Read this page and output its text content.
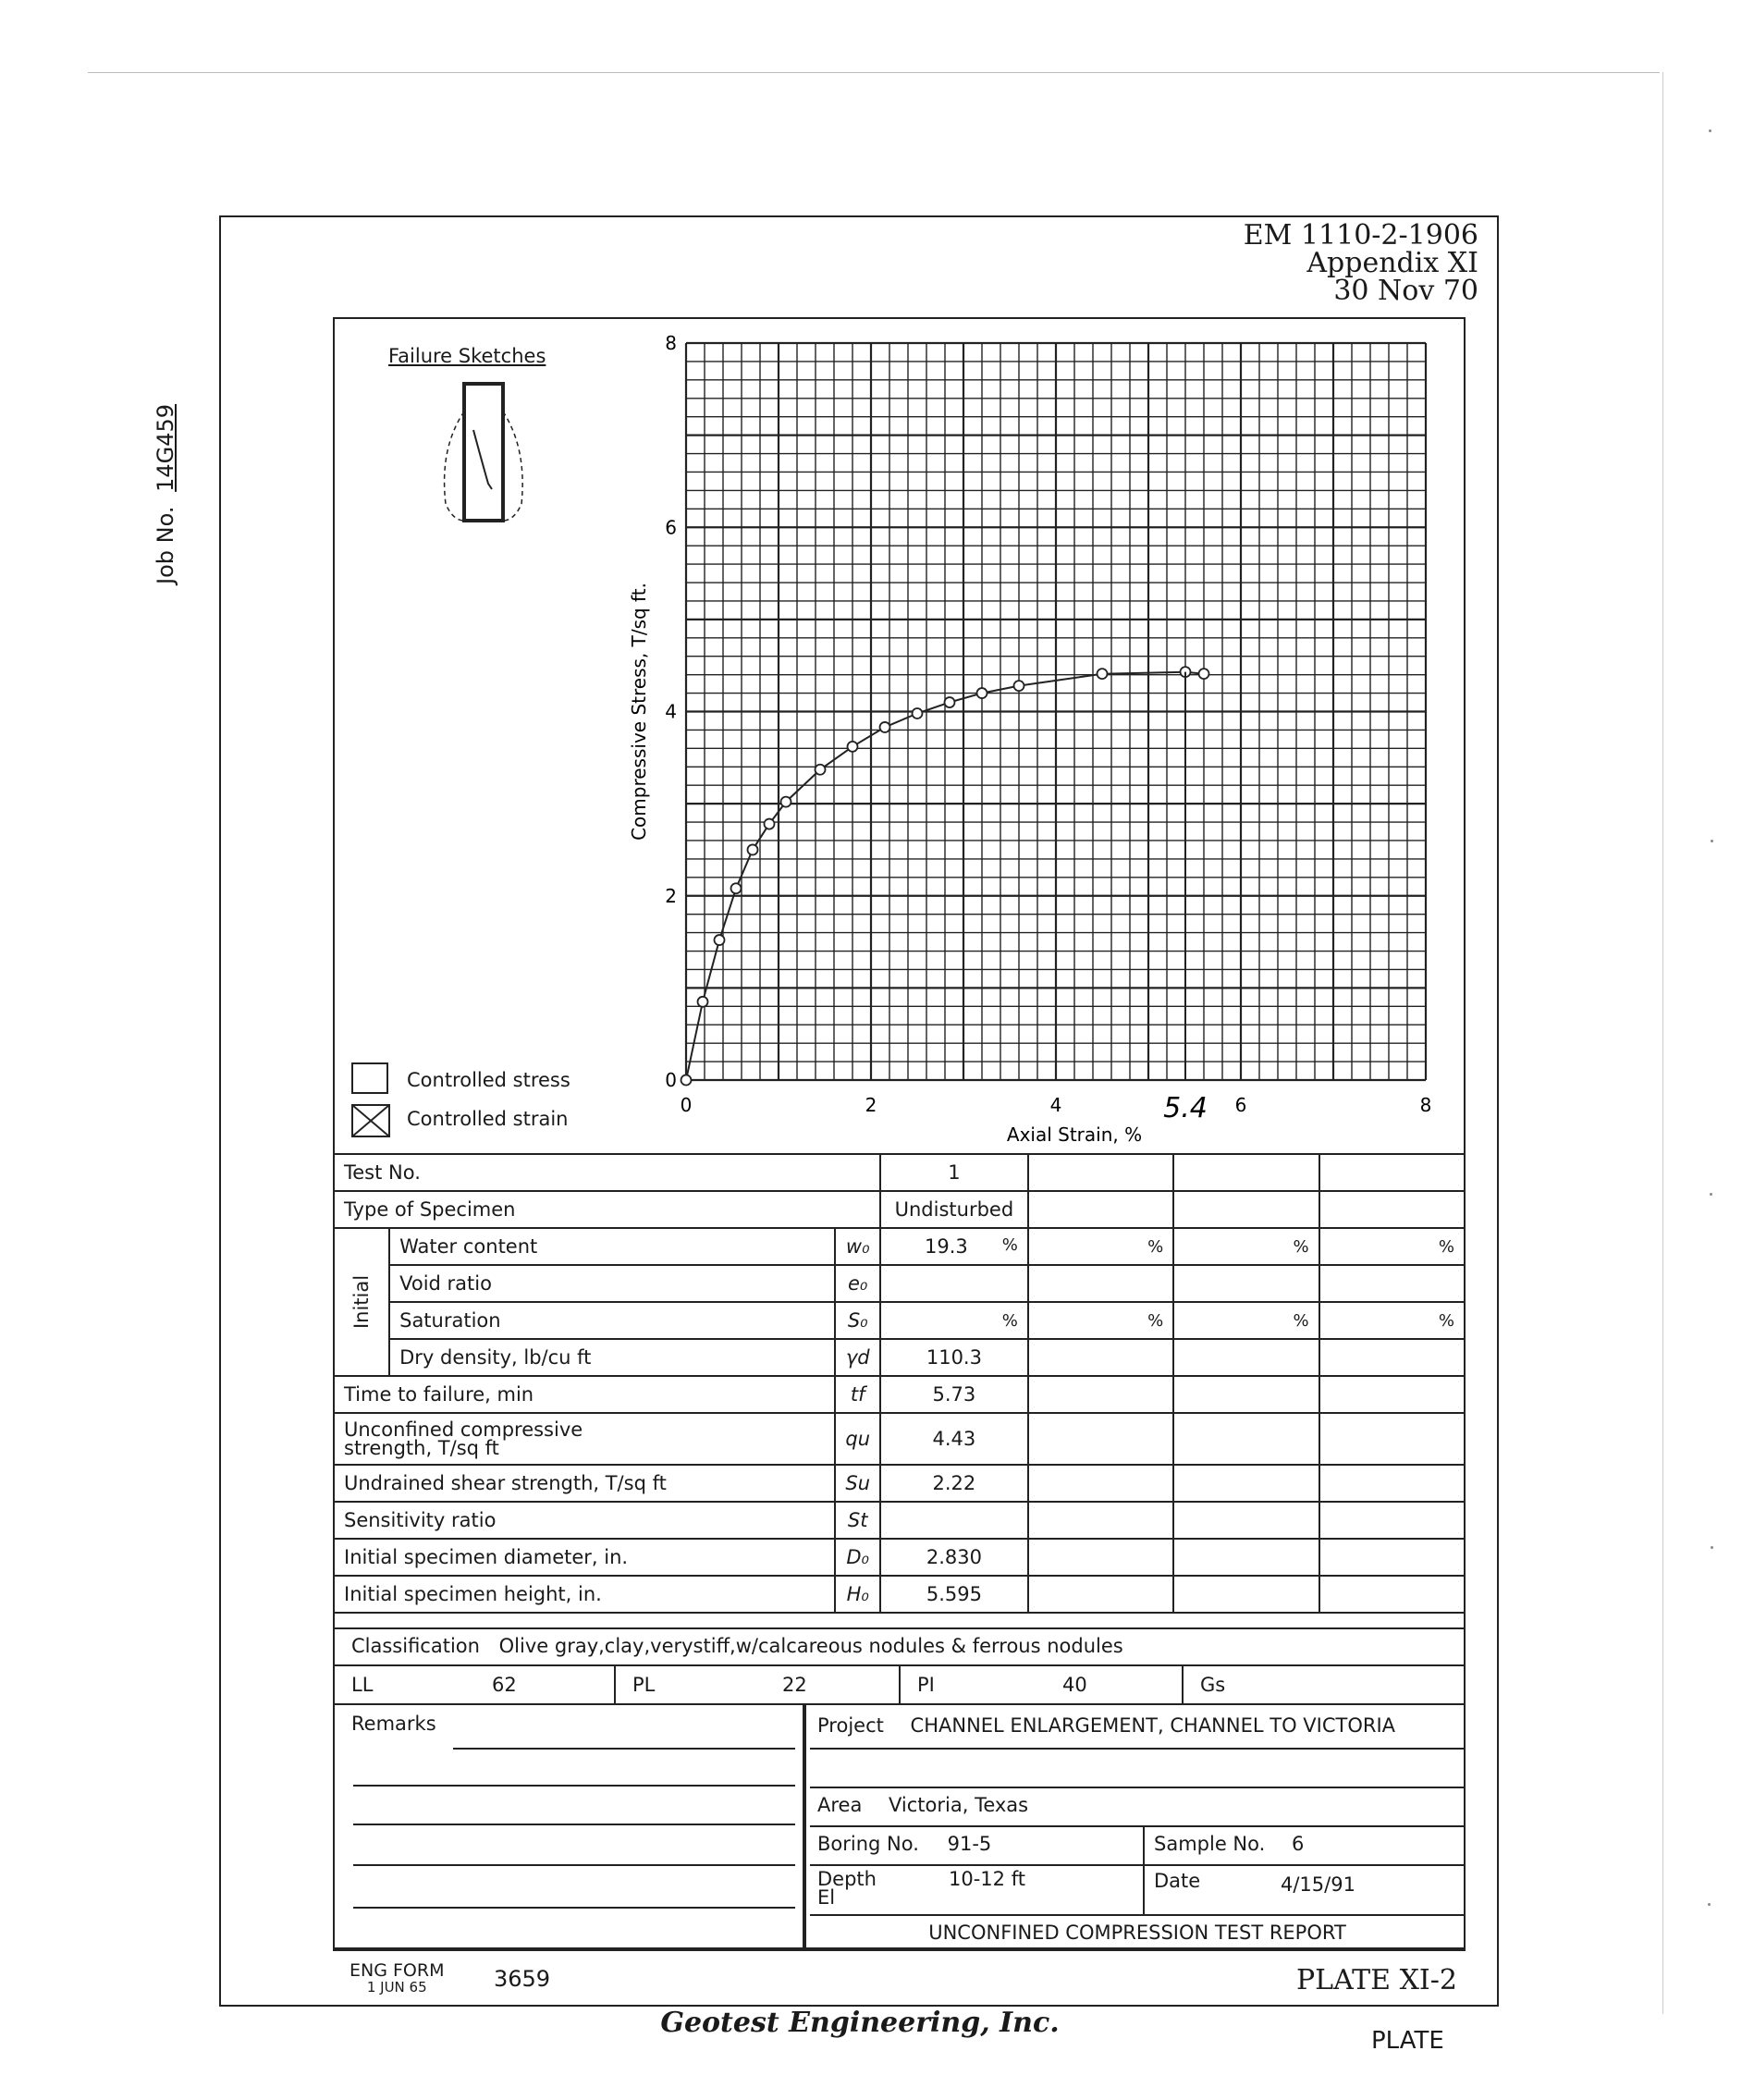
EM 1110-2-1906
Appendix XI
30 Nov 70
Job No. 14G459
Failure Sketches
Controlled stress
Controlled strain
0	2	4	6	8
0
2
4
6
8
Axial Strain, %
Compressive Stress, T/sq ft.
5.4
Test No.			1			
Type of Specimen			Undisturbed			

Initial	Water content	w₀	19.3 %	%	%	%

	Void ratio	e₀				
	Saturation	S₀	%	%	%	%

	Dry density, lb/cu ft	γd	110.3			
Time to failure, min		tf	5.73			

Unconfined compressive
strength, T/sq ft		qu	4.43			
Undrained shear strength, T/sq ft		Su	2.22			
Sensitivity ratio		St				
Initial specimen diameter, in.		D₀	2.830			
Initial specimen height, in.		H₀	5.595			
Classification Olive gray,clay,verystiff,w/calcareous nodules & ferrous nodules
LL	62	PL	22	PI	40	Gs
Remarks	Project CHANNEL ENLARGEMENT, CHANNEL TO VICTORIA
Area Victoria, Texas
Boring No. 91-5	Sample No. 6
Depth
El
10-12 ft	Date	4/15/91
UNCONFINED COMPRESSION TEST REPORT
ENG FORM
1 JUN 65	3659	PLATE XI-2
Geotest Engineering, Inc.
PLATE
